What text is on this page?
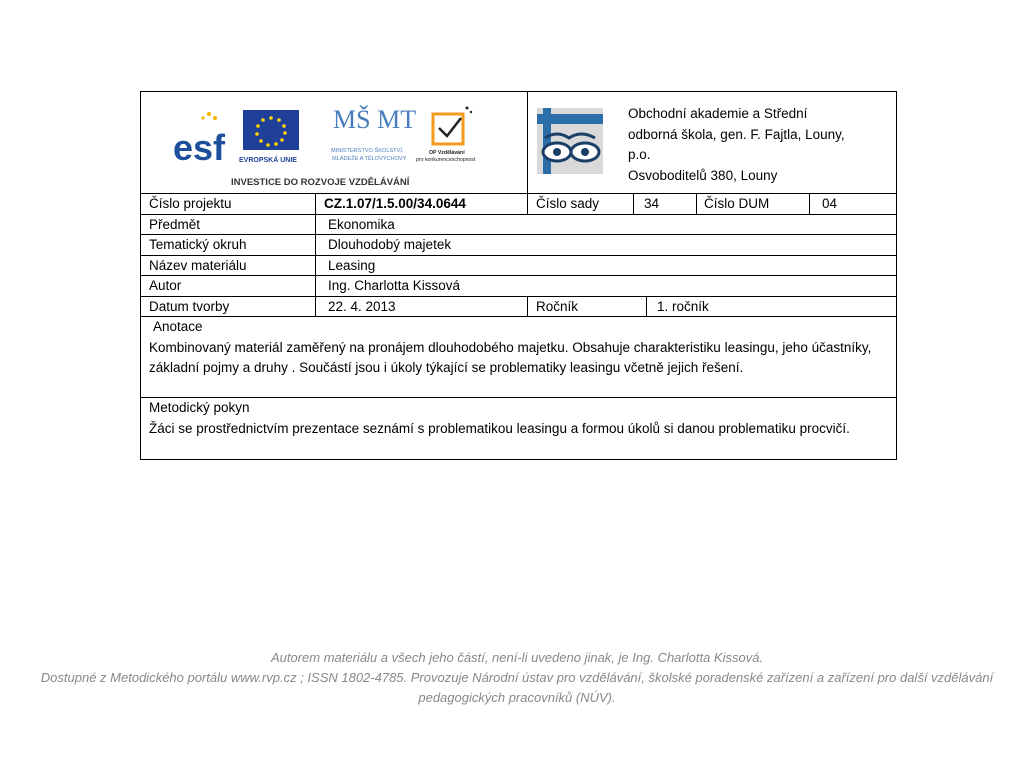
esf EVROPSKÁ UNIE
MŠ MT
MINISTERSTVO ŠKOLSTVÍ,
MLÁDEŽE A TĚLOVÝCHOVY
OP Vzdělávání
pro konkurenceschopnost
INVESTICE DO ROZVOJE VZDĚLÁVÁNÍ
Obchodní akademie a Střední
odborná škola, gen. F. Fajtla, Louny,
p.o.
Osvoboditelů 380, Louny
Číslo projektu	CZ.1.07/1.5.00/34.0644	Číslo sady	34	Číslo DUM	04
Předmět	Ekonomika
Tematický okruh	Dlouhodobý majetek
Název materiálu	Leasing
Autor	Ing. Charlotta Kissová
Datum tvorby	22. 4. 2013	Ročník	1. ročník
Anotace
Kombinovaný materiál zaměřený na pronájem dlouhodobého majetku. Obsahuje charakteristiku leasingu, jeho účastníky, základní pojmy a druhy . Součástí jsou i úkoly týkající se problematiky leasingu včetně jejich řešení.
Metodický pokyn
Žáci se prostřednictvím prezentace seznámí s problematikou leasingu a formou úkolů si danou problematiku procvičí.
Autorem materiálu a všech jeho částí, není-li uvedeno jinak, je Ing. Charlotta Kissová.
Dostupné z Metodického portálu www.rvp.cz ; ISSN 1802-4785. Provozuje Národní ústav pro vzdělávání, školské poradenské zařízení a zařízení pro další vzdělávání pedagogických pracovníků (NÚV).
